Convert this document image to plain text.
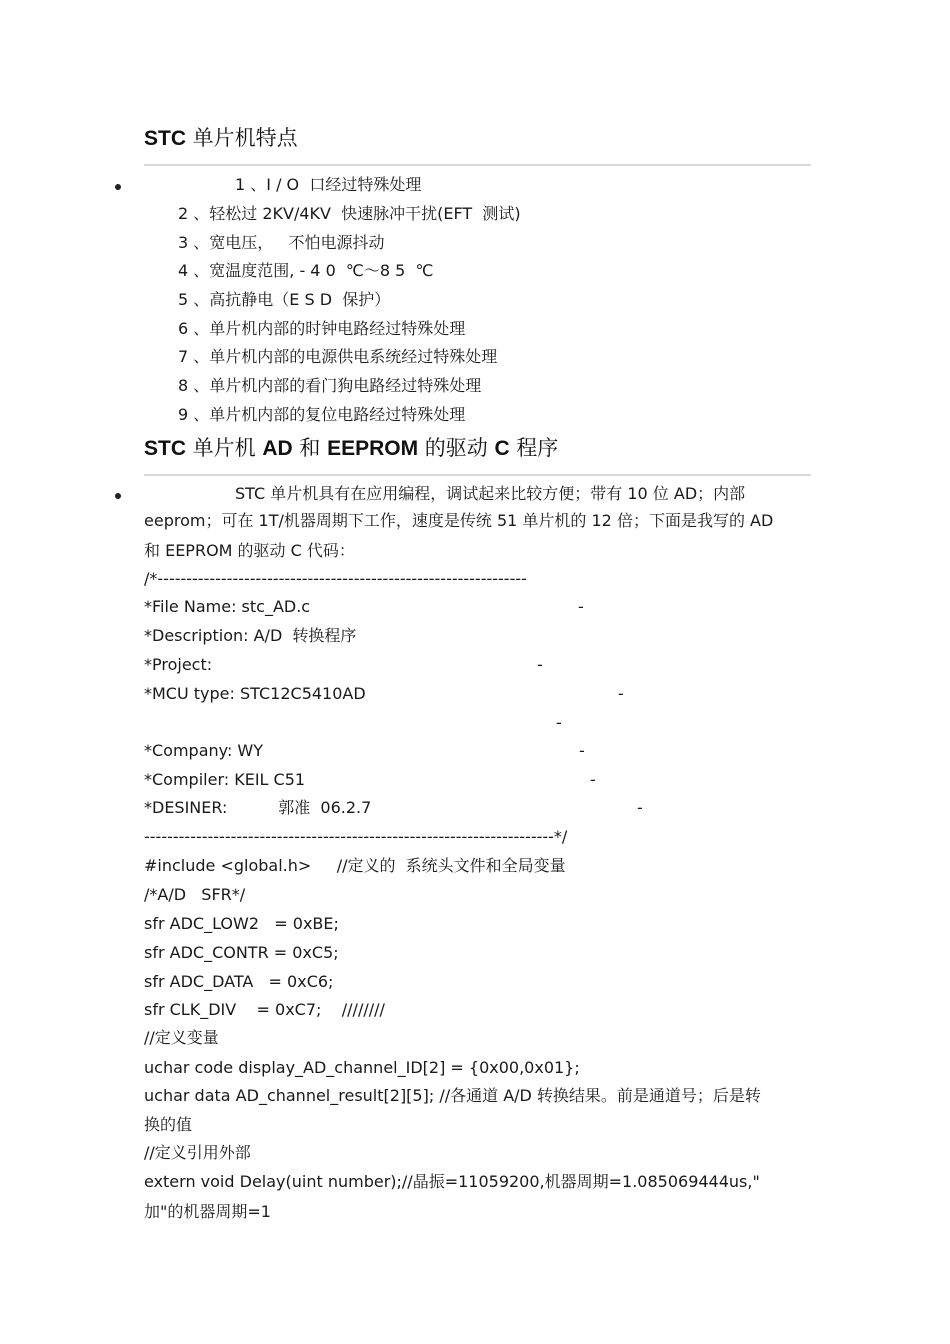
STC 单片机特点

1 、I / O  口经过特殊处理

2 、轻松过 2KV/4KV  快速脉冲干扰(EFT  测试)

3 、宽电压，   不怕电源抖动

4 、宽温度范围, - 4 0  ℃～8 5  ℃

5 、高抗静电（E S D  保护）

6 、单片机内部的时钟电路经过特殊处理

7 、单片机内部的电源供电系统经过特殊处理

8 、单片机内部的看门狗电路经过特殊处理

9 、单片机内部的复位电路经过特殊处理

STC 单片机 AD 和 EEPROM 的驱动 C 程序

STC 单片机具有在应用编程，调试起来比较方便；带有 10 位 AD；内部

eeprom；可在 1T/机器周期下工作，速度是传统 51 单片机的 12 倍；下面是我写的 AD

和 EEPROM 的驱动 C 代码：

/*----------------------------------------------------------------

*File Name: stc_AD.c

*Description: A/D  转换程序

*Project:

*MCU type: STC12C5410AD

*Company: WY

*Compiler: KEIL C51

*DESINER:          郭准  06.2.7

-----------------------------------------------------------------------*/

#include <global.h>     //定义的  系统头文件和全局变量

/*A/D   SFR*/

sfr ADC_LOW2   = 0xBE;

sfr ADC_CONTR = 0xC5;

sfr ADC_DATA   = 0xC6;

sfr CLK_DIV    = 0xC7;    ////////

//定义变量

uchar code display_AD_channel_ID[2] = {0x00,0x01};

uchar data AD_channel_result[2][5]; //各通道 A/D 转换结果。前是通道号；后是转

换的值

//定义引用外部

extern void Delay(uint number);//晶振=11059200,机器周期=1.085069444us,"

加"的机器周期=1

-
-
-
-
-
-
-
